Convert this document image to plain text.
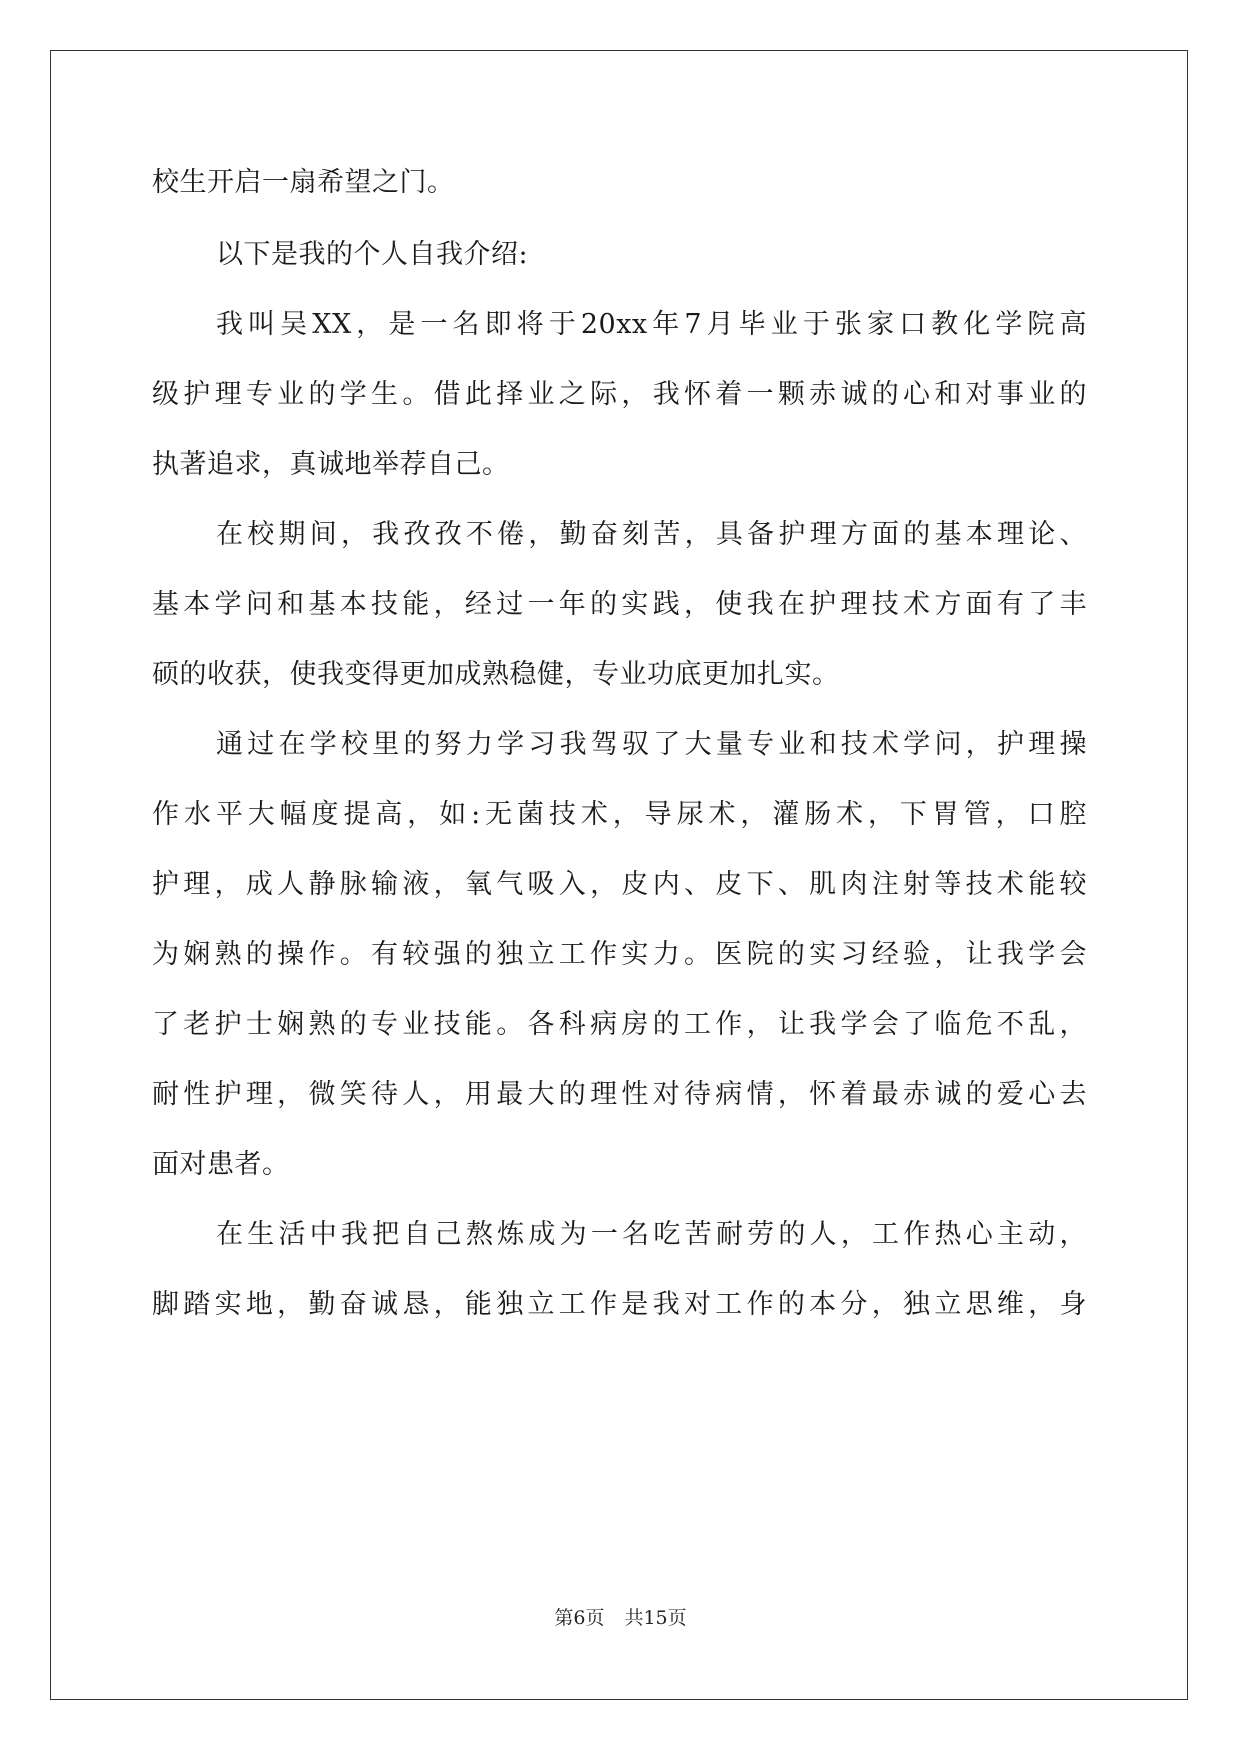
校生开启一扇希望之门。
以下是我的个人自我介绍:
我叫吴XX，是一名即将于20xx年7月毕业于张家口教化学院高
级护理专业的学生。借此择业之际，我怀着一颗赤诚的心和对事业的
执著追求，真诚地举荐自己。
在校期间，我孜孜不倦，勤奋刻苦，具备护理方面的基本理论、
基本学问和基本技能，经过一年的实践，使我在护理技术方面有了丰
硕的收获，使我变得更加成熟稳健，专业功底更加扎实。
通过在学校里的努力学习我驾驭了大量专业和技术学问，护理操
作水平大幅度提高，如:无菌技术，导尿术，灌肠术，下胃管，口腔
护理，成人静脉输液，氧气吸入，皮内、皮下、肌肉注射等技术能较
为娴熟的操作。有较强的独立工作实力。医院的实习经验，让我学会
了老护士娴熟的专业技能。各科病房的工作，让我学会了临危不乱，
耐性护理，微笑待人，用最大的理性对待病情，怀着最赤诚的爱心去
面对患者。
在生活中我把自己熬炼成为一名吃苦耐劳的人，工作热心主动，
脚踏实地，勤奋诚恳，能独立工作是我对工作的本分，独立思维，身
第6页 共15页
